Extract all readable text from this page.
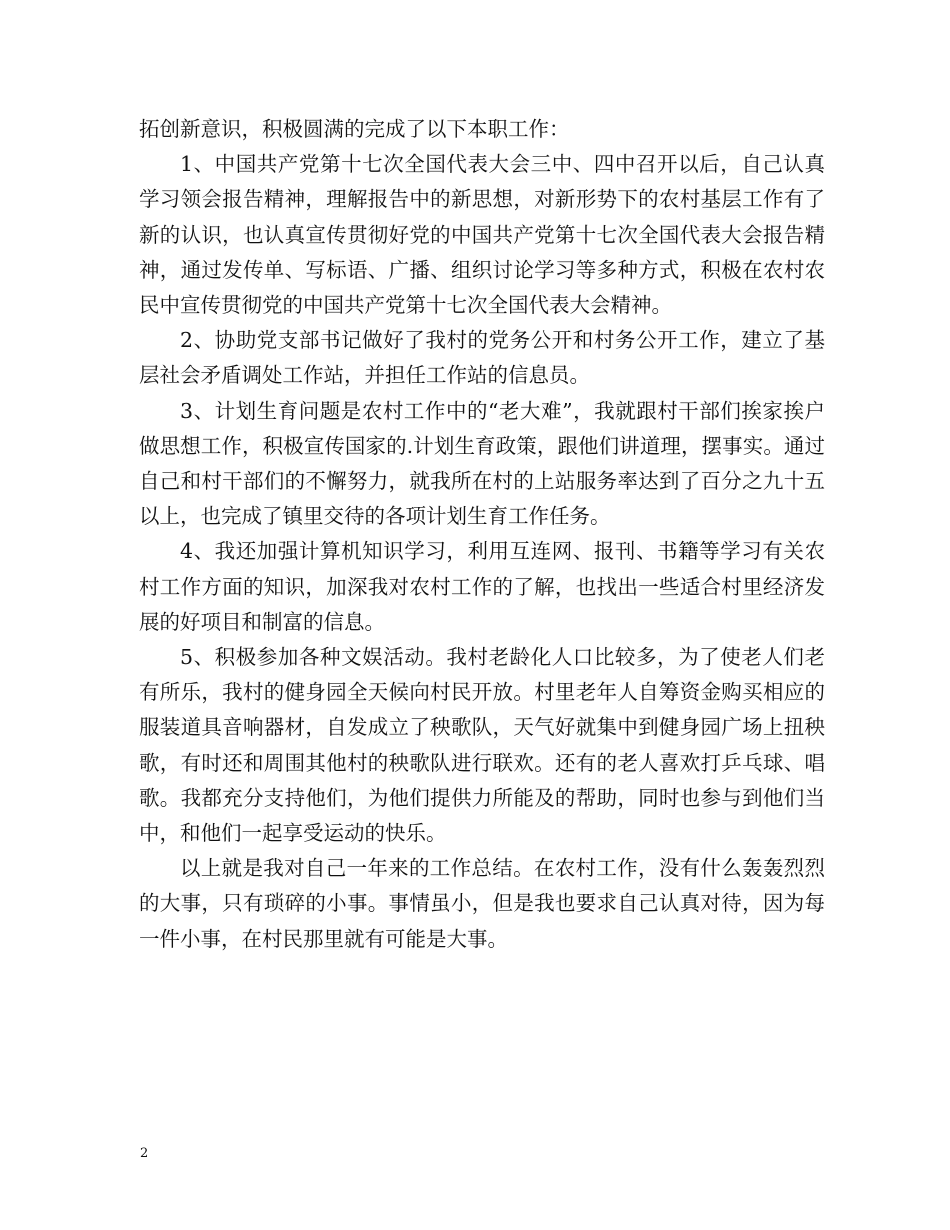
拓创新意识，积极圆满的完成了以下本职工作：

1、中国共产党第十七次全国代表大会三中、四中召开以后，自己认真学习领会报告精神，理解报告中的新思想，对新形势下的农村基层工作有了新的认识，也认真宣传贯彻好党的中国共产党第十七次全国代表大会报告精神，通过发传单、写标语、广播、组织讨论学习等多种方式，积极在农村农民中宣传贯彻党的中国共产党第十七次全国代表大会精神。

2、协助党支部书记做好了我村的党务公开和村务公开工作，建立了基层社会矛盾调处工作站，并担任工作站的信息员。

3、计划生育问题是农村工作中的“老大难”，我就跟村干部们挨家挨户做思想工作，积极宣传国家的.计划生育政策，跟他们讲道理，摆事实。通过自己和村干部们的不懈努力，就我所在村的上站服务率达到了百分之九十五以上，也完成了镇里交待的各项计划生育工作任务。

4、我还加强计算机知识学习，利用互连网、报刊、书籍等学习有关农村工作方面的知识，加深我对农村工作的了解，也找出一些适合村里经济发展的好项目和制富的信息。

5、积极参加各种文娱活动。我村老龄化人口比较多，为了使老人们老有所乐，我村的健身园全天候向村民开放。村里老年人自筹资金购买相应的服装道具音响器材，自发成立了秧歌队，天气好就集中到健身园广场上扭秧歌，有时还和周围其他村的秧歌队进行联欢。还有的老人喜欢打乒乓球、唱歌。我都充分支持他们，为他们提供力所能及的帮助，同时也参与到他们当中，和他们一起享受运动的快乐。

以上就是我对自己一年来的工作总结。在农村工作，没有什么轰轰烈烈的大事，只有琐碎的小事。事情虽小，但是我也要求自己认真对待，因为每一件小事，在村民那里就有可能是大事。

2
